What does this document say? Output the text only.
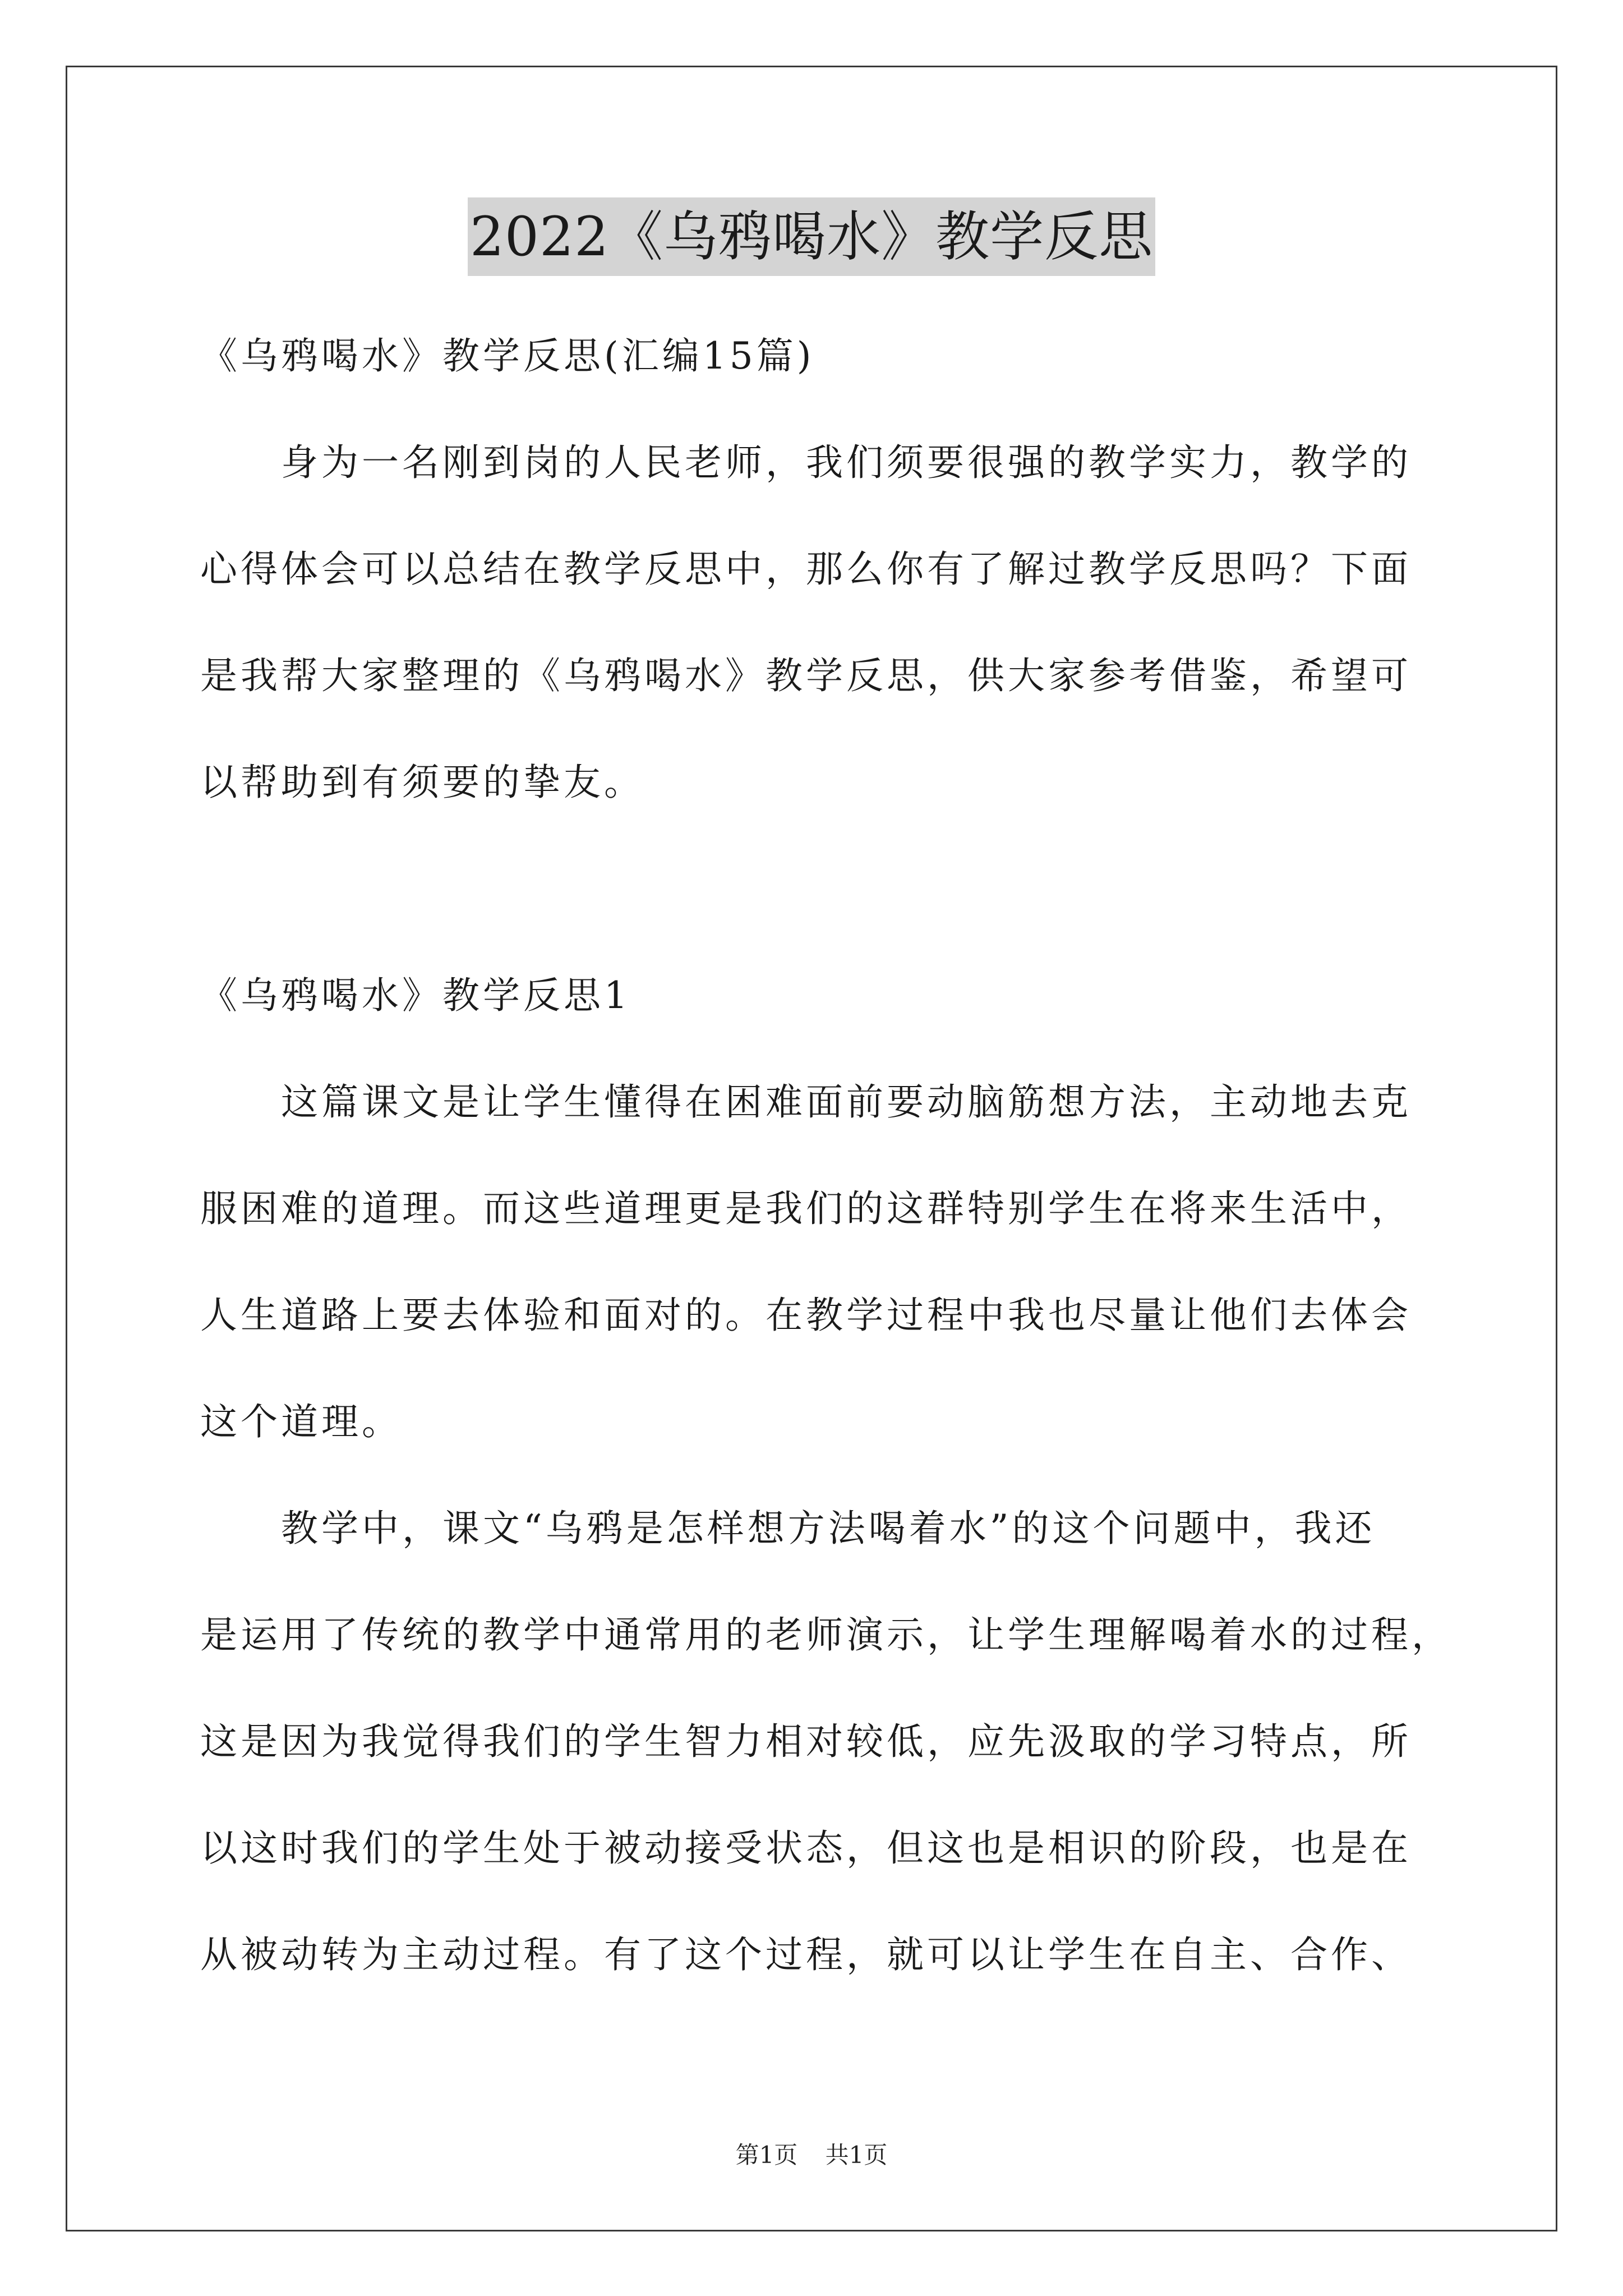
2022《乌鸦喝水》教学反思
《乌鸦喝水》教学反思(汇编15篇)
身为一名刚到岗的人民老师，我们须要很强的教学实力，教学的
心得体会可以总结在教学反思中，那么你有了解过教学反思吗？下面
是我帮大家整理的《乌鸦喝水》教学反思，供大家参考借鉴，希望可
以帮助到有须要的挚友。
《乌鸦喝水》教学反思1
这篇课文是让学生懂得在困难面前要动脑筋想方法，主动地去克
服困难的道理。而这些道理更是我们的这群特别学生在将来生活中，
人生道路上要去体验和面对的。在教学过程中我也尽量让他们去体会
这个道理。
教学中，课文“乌鸦是怎样想方法喝着水”的这个问题中，我还
是运用了传统的教学中通常用的老师演示，让学生理解喝着水的过程，
这是因为我觉得我们的学生智力相对较低，应先汲取的学习特点，所
以这时我们的学生处于被动接受状态，但这也是相识的阶段，也是在
从被动转为主动过程。有了这个过程，就可以让学生在自主、合作、
第1页 共1页
